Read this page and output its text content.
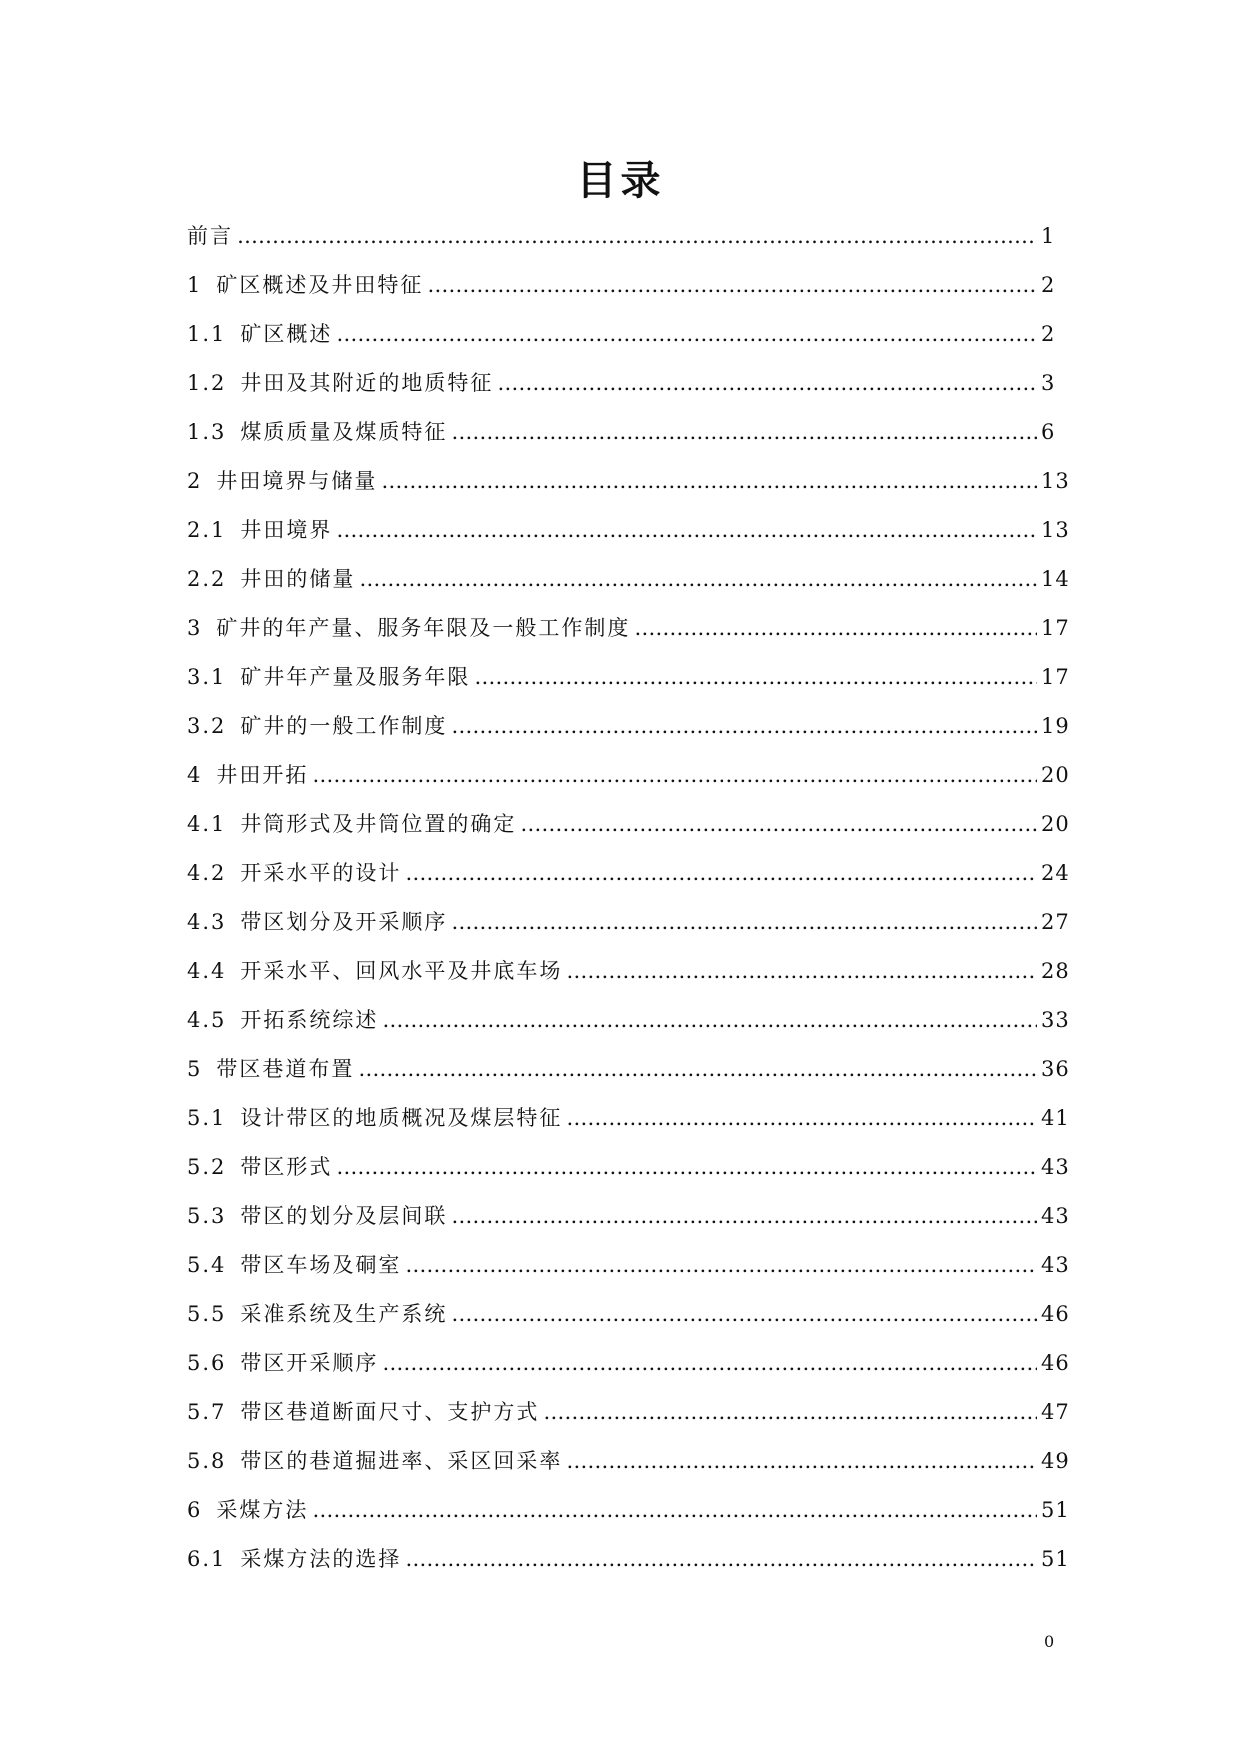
目录
前言 ………………………………………………………………………………………………………………………………………………………………………………………………	1
1 矿区概述及井田特征 ………………………………………………………………………………………………………………………………………………………………………………………………	2
1.1 矿区概述 ………………………………………………………………………………………………………………………………………………………………………………………………	2
1.2 井田及其附近的地质特征 ………………………………………………………………………………………………………………………………………………………………………………………………	3
1.3 煤质质量及煤质特征 ………………………………………………………………………………………………………………………………………………………………………………………………	6
2 井田境界与储量 ………………………………………………………………………………………………………………………………………………………………………………………………	13
2.1 井田境界 ………………………………………………………………………………………………………………………………………………………………………………………………	13
2.2 井田的储量 ………………………………………………………………………………………………………………………………………………………………………………………………	14
3 矿井的年产量、服务年限及一般工作制度 ………………………………………………………………………………………………………………………………………………………………………………………………	17
3.1 矿井年产量及服务年限 ………………………………………………………………………………………………………………………………………………………………………………………………	17
3.2 矿井的一般工作制度 ………………………………………………………………………………………………………………………………………………………………………………………………	19
4 井田开拓 ………………………………………………………………………………………………………………………………………………………………………………………………	20
4.1 井筒形式及井筒位置的确定 ………………………………………………………………………………………………………………………………………………………………………………………………	20
4.2 开采水平的设计 ………………………………………………………………………………………………………………………………………………………………………………………………	24
4.3 带区划分及开采顺序 ………………………………………………………………………………………………………………………………………………………………………………………………	27
4.4 开采水平、回风水平及井底车场 ………………………………………………………………………………………………………………………………………………………………………………………………	28
4.5 开拓系统综述 ………………………………………………………………………………………………………………………………………………………………………………………………	33
5 带区巷道布置 ………………………………………………………………………………………………………………………………………………………………………………………………	36
5.1 设计带区的地质概况及煤层特征 ………………………………………………………………………………………………………………………………………………………………………………………………	41
5.2 带区形式 ………………………………………………………………………………………………………………………………………………………………………………………………	43
5.3 带区的划分及层间联 ………………………………………………………………………………………………………………………………………………………………………………………………	43
5.4 带区车场及硐室 ………………………………………………………………………………………………………………………………………………………………………………………………	43
5.5 采准系统及生产系统 ………………………………………………………………………………………………………………………………………………………………………………………………	46
5.6 带区开采顺序 ………………………………………………………………………………………………………………………………………………………………………………………………	46
5.7 带区巷道断面尺寸、支护方式 ………………………………………………………………………………………………………………………………………………………………………………………………	47
5.8 带区的巷道掘进率、采区回采率 ………………………………………………………………………………………………………………………………………………………………………………………………	49
6 采煤方法 ………………………………………………………………………………………………………………………………………………………………………………………………	51
6.1 采煤方法的选择 ………………………………………………………………………………………………………………………………………………………………………………………………	51
0
